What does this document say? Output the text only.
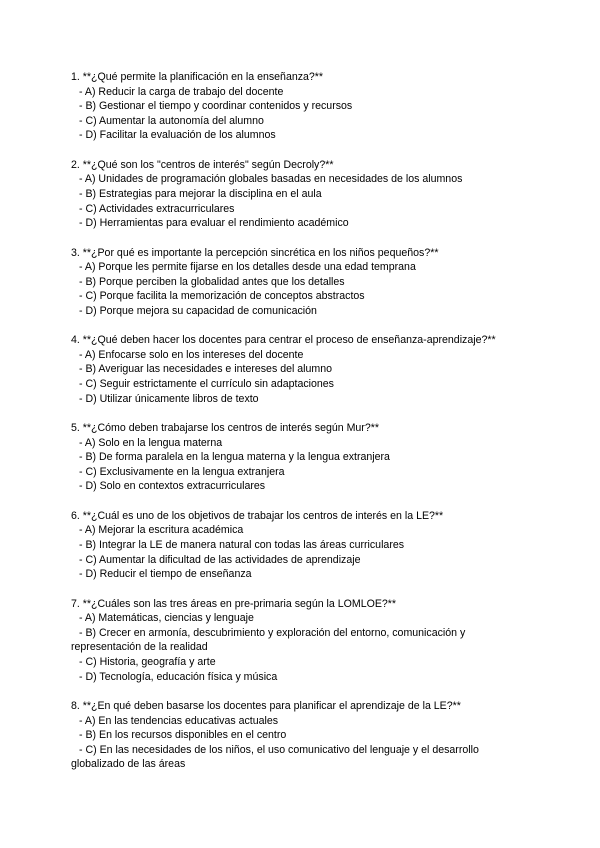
1. **¿Qué permite la planificación en la enseñanza?**
- A) Reducir la carga de trabajo del docente
- B) Gestionar el tiempo y coordinar contenidos y recursos
- C) Aumentar la autonomía del alumno
- D) Facilitar la evaluación de los alumnos
2. **¿Qué son los "centros de interés" según Decroly?**
- A) Unidades de programación globales basadas en necesidades de los alumnos
- B) Estrategias para mejorar la disciplina en el aula
- C) Actividades extracurriculares
- D) Herramientas para evaluar el rendimiento académico
3. **¿Por qué es importante la percepción sincrética en los niños pequeños?**
- A) Porque les permite fijarse en los detalles desde una edad temprana
- B) Porque perciben la globalidad antes que los detalles
- C) Porque facilita la memorización de conceptos abstractos
- D) Porque mejora su capacidad de comunicación
4. **¿Qué deben hacer los docentes para centrar el proceso de enseñanza-aprendizaje?**
- A) Enfocarse solo en los intereses del docente
- B) Averiguar las necesidades e intereses del alumno
- C) Seguir estrictamente el currículo sin adaptaciones
- D) Utilizar únicamente libros de texto
5. **¿Cómo deben trabajarse los centros de interés según Mur?**
- A) Solo en la lengua materna
- B) De forma paralela en la lengua materna y la lengua extranjera
- C) Exclusivamente en la lengua extranjera
- D) Solo en contextos extracurriculares
6. **¿Cuál es uno de los objetivos de trabajar los centros de interés en la LE?**
- A) Mejorar la escritura académica
- B) Integrar la LE de manera natural con todas las áreas curriculares
- C) Aumentar la dificultad de las actividades de aprendizaje
- D) Reducir el tiempo de enseñanza
7. **¿Cuáles son las tres áreas en pre-primaria según la LOMLOE?**
- A) Matemáticas, ciencias y lenguaje
- B) Crecer en armonía, descubrimiento y exploración del entorno, comunicación y
representación de la realidad
- C) Historia, geografía y arte
- D) Tecnología, educación física y música
8. **¿En qué deben basarse los docentes para planificar el aprendizaje de la LE?**
- A) En las tendencias educativas actuales
- B) En los recursos disponibles en el centro
- C) En las necesidades de los niños, el uso comunicativo del lenguaje y el desarrollo
globalizado de las áreas
